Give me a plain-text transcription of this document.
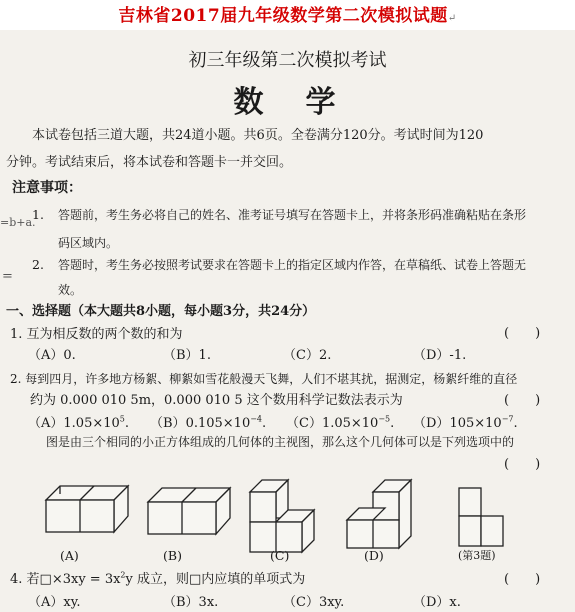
吉林省2017届九年级数学第二次模拟试题↵
初三年级第二次模拟考试
数　学
本试卷包括三道大题，共24道小题。共6页。全卷满分120分。考试时间为120
分钟。考试结束后，将本试卷和答题卡一并交回。
注意事项：
=b+a.
=
1. 答题前，考生务必将自己的姓名、准考证号填写在答题卡上，并将条形码准确粘贴在条形
码区域内。
2. 答题时，考生务必按照考试要求在答题卡上的指定区域内作答，在草稿纸、试卷上答题无
效。
一、选择题（本大题共8小题，每小题3分，共24分）
1. 互为相反数的两个数的和为	(　　)
（A）0.	（B）1.	（C）2.	（D）-1.
2. 每到四月，许多地方杨絮、柳絮如雪花般漫天飞舞，人们不堪其扰，据测定，杨絮纤维的直径
约为 0.000 010 5m，0.000 010 5 这个数用科学记数法表示为	(　　)
$(A)1.05\times 10^5$. $(B)0.105\times 10^{-4}$. $(C)1.05\times 10^{-5}$. $(D)105\times 10^{-7}$.
图是由三个相同的小正方体组成的几何体的主视图，那么这个几何体可以是下列选项中的
(　　)
(A)	(B)	(C)	(D)	(第3题)
4. 若□×3xy = $3x^2y$ 成立，则□内应填的单项式为	(　　)
（A）xy.	（B）3x.	（C）3xy.	（D）x.
